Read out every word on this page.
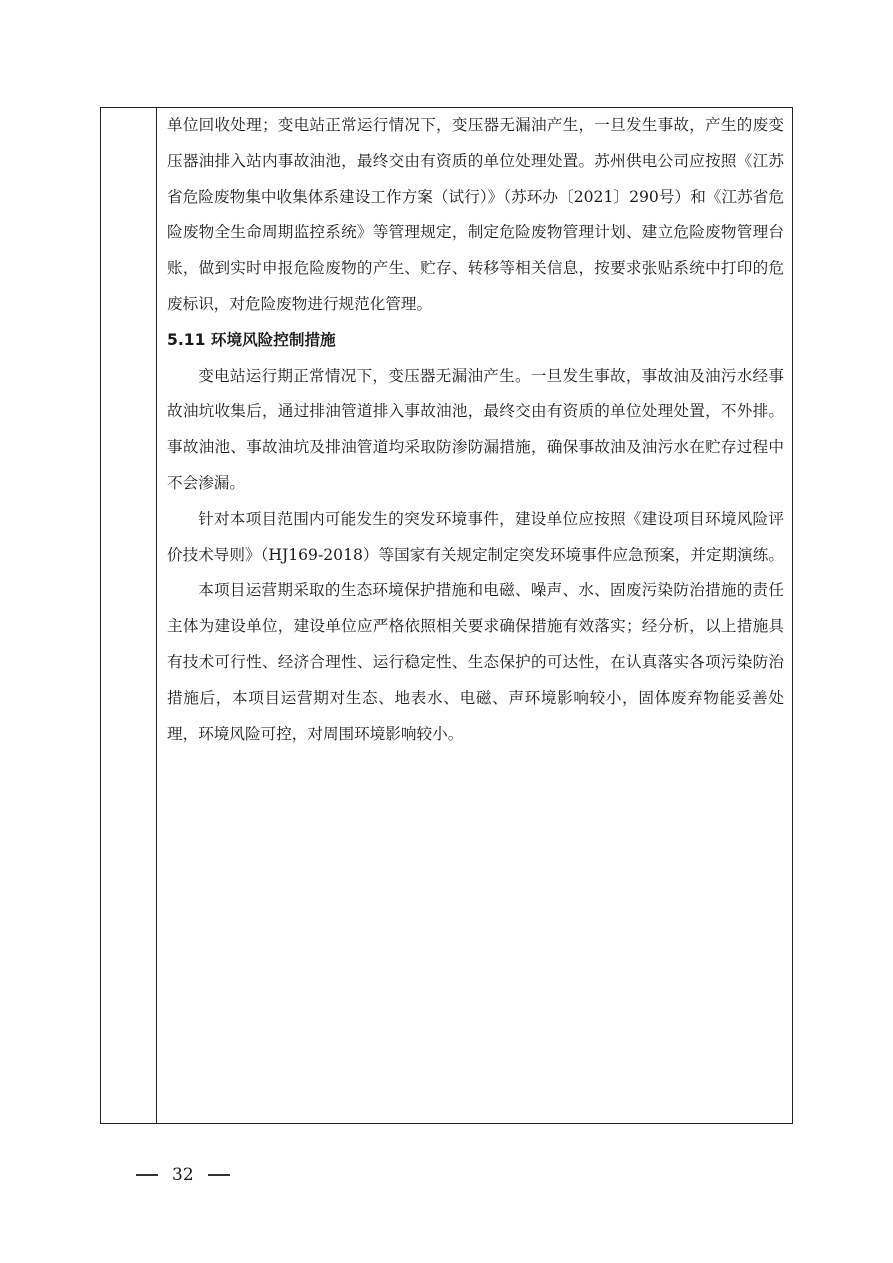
单位回收处理；变电站正常运行情况下，变压器无漏油产生，一旦发生事故，产生的废变压器油排入站内事故油池，最终交由有资质的单位处理处置。苏州供电公司应按照《江苏省危险废物集中收集体系建设工作方案（试行）》（苏环办〔2021〕290号）和《江苏省危险废物全生命周期监控系统》等管理规定，制定危险废物管理计划、建立危险废物管理台账，做到实时申报危险废物的产生、贮存、转移等相关信息，按要求张贴系统中打印的危废标识，对危险废物进行规范化管理。

5.11 环境风险控制措施

变电站运行期正常情况下，变压器无漏油产生。一旦发生事故，事故油及油污水经事故油坑收集后，通过排油管道排入事故油池，最终交由有资质的单位处理处置，不外排。事故油池、事故油坑及排油管道均采取防渗防漏措施，确保事故油及油污水在贮存过程中不会渗漏。

针对本项目范围内可能发生的突发环境事件，建设单位应按照《建设项目环境风险评价技术导则》（HJ169-2018）等国家有关规定制定突发环境事件应急预案，并定期演练。

本项目运营期采取的生态环境保护措施和电磁、噪声、水、固废污染防治措施的责任主体为建设单位，建设单位应严格依照相关要求确保措施有效落实；经分析，以上措施具有技术可行性、经济合理性、运行稳定性、生态保护的可达性，在认真落实各项污染防治措施后，本项目运营期对生态、地表水、电磁、声环境影响较小，固体废弃物能妥善处理，环境风险可控，对周围环境影响较小。

32
